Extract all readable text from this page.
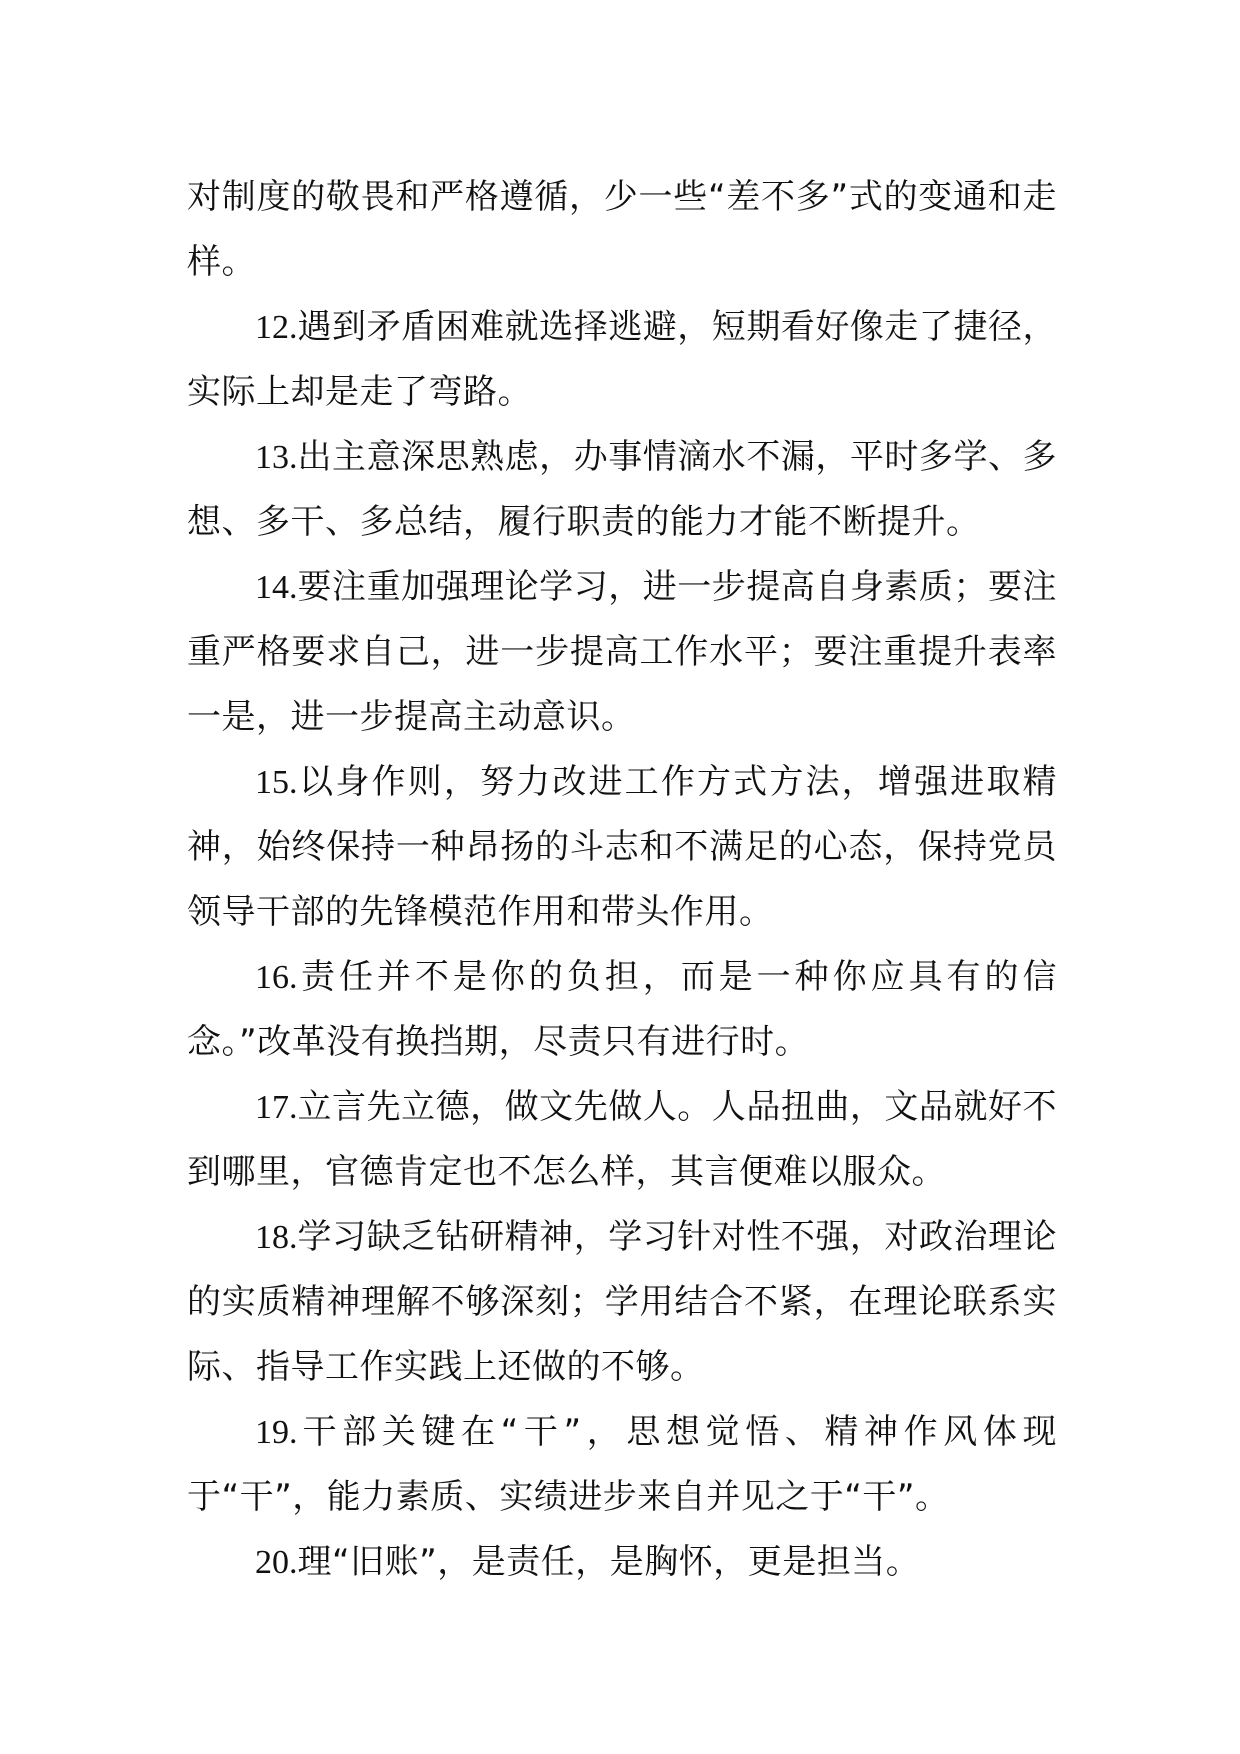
对制度的敬畏和严格遵循，少一些“差不多”式的变通和走样。

12.遇到矛盾困难就选择逃避，短期看好像走了捷径，实际上却是走了弯路。

13.出主意深思熟虑，办事情滴水不漏，平时多学、多想、多干、多总结，履行职责的能力才能不断提升。

14.要注重加强理论学习，进一步提高自身素质；要注重严格要求自己，进一步提高工作水平；要注重提升表率一是，进一步提高主动意识。

15.以身作则，努力改进工作方式方法，增强进取精神，始终保持一种昂扬的斗志和不满足的心态，保持党员领导干部的先锋模范作用和带头作用。

16.责任并不是你的负担，而是一种你应具有的信念。”改革没有换挡期，尽责只有进行时。

17.立言先立德，做文先做人。人品扭曲，文品就好不到哪里，官德肯定也不怎么样，其言便难以服众。

18.学习缺乏钻研精神，学习针对性不强，对政治理论的实质精神理解不够深刻；学用结合不紧，在理论联系实际、指导工作实践上还做的不够。

19.干部关键在“干”，思想觉悟、精神作风体现于“干”，能力素质、实绩进步来自并见之于“干”。

20.理“旧账”，是责任，是胸怀，更是担当。
